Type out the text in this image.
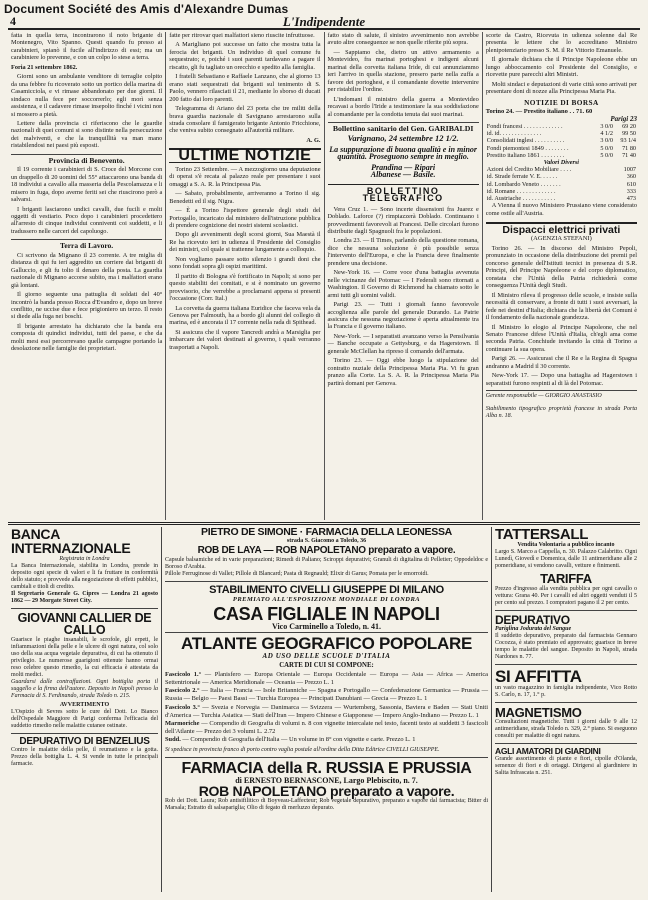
Document Société des Amis d'Alexandre Dumas
4	L'Indipendente

fatta in quella terra, incontrarono il noto brigante di Montenegro, Vito Spanno. Questi quando fu presso ai carabinieri, spianò il fucile all'indirizzo di essi; ma un carabiniere lo prevenne, e con un colpo lo stese a terra.

Foria 21 settembre 1862.

Giorni sono un ambulante venditore di terraglie colpito da una febbre fu ricoverato sotto un portico della marina di Casamicciola, e vi rimase abbandonato per due giorni. Il sindaco nulla fece per soccorrerlo; egli morì senza assistenza, e il cadavere rimase insepolto finché i vicini non si mossero a pietà.

Lettere dalla provincia ci riferiscono che le guardie nazionali di quei comuni si sono distinte nella persecuzione dei malviventi, e che la tranquillità va man mano ristabilendosi nei paesi più esposti.

Provincia di Benevento.

Il 19 corrente i carabinieri di S. Croce del Morcone con un drappello di 20 uomini del 55° attaccarono una banda di 18 individui a cavallo alla masseria della Pescolamazza e li misero in fuga, dopo averne feriti sei che riuscirono però a salvarsi.

I briganti lasciarono undici cavalli, due fucili e molti oggetti di vestiario. Poco dopo i carabinieri procedettero all'arresto di cinque individui conniventi coi suddetti, e li tradussero nelle carceri del capoluogo.

Terra di Lavoro.

Ci scrivono da Mignano il 23 corrente. A tre miglia di distanza di qui fu ieri aggredito un corriere dai briganti di Galluccio, e gli fu tolto il denaro della posta. La guardia nazionale di Mignano accorse subito, ma i malfattori erano già lontani.

Il giorno seguente una pattuglia di soldati del 40° incontrò la banda presso Rocca d'Evandro e, dopo un breve conflitto, ne uccise due e fece prigioniero un terzo. Il resto si diede alla fuga nei boschi.

Il brigante arrestato ha dichiarato che la banda era composta di quindici individui, tutti del paese, e che da molti mesi essi percorrevano quelle campagne portando la desolazione nelle famiglie dei proprietari.

fatte per ritrovar quei malfattori sieno riuscite infruttuose.

A Marigliano poi successe un fatto che mostra tutta la ferocia dei briganti. Un individuo di quel comune fu sequestrato; e, poiché i suoi parenti tardavano a pagare il riscatto, gli fu tagliato un orecchio e spedito alla famiglia.

I fratelli Sebastiano e Raffaele Lanzano, che al giorno 13 erano stati sequestrati dai briganti sul tenimento di S. Paolo, vennero rilasciati il 21, mediante lo sborso di ducati 200 fatto dai loro parenti.

Telegramma di Ariano del 23 porta che tre militi della brava guardia nazionale di Savignano arrestarono sulla strada consolare il famigerato brigante Antonio Fricchione, che veniva subito consegnato all'autorità militare.

A. G.
ULTIME NOTIZIE

Torino 23 Settembre. — A mezzogiorno una deputazione di operai s'è recata al palazzo reale per presentare i suoi omaggi a S. A. R. la Principessa Pia.

— Sabato, probabilmente, arriveranno a Torino il sig. Benedetti ed il sig. Nigra.

— È a Torino l'ispettore generale degli studi del Portogallo, incaricato dal ministero dell'istruzione pubblica di prendere cognizione dei nostri sistemi scolastici.

Dopo gli avvenimenti degli scorsi giorni, Sua Maestà il Re ha ricevuto ieri in udienza il Presidente del Consiglio dei ministri, col quale si trattenne lungamente a colloquio.

Non vogliamo passare sotto silenzio i grandi doni che sono fondati sopra gli ospizi marittimi.

Il partito di Bologna s'è fortificato in Napoli; si sono per questo stabiliti dei comitati, e si è nominato un governo provvisorio, che verrebbe a proclamarsi appena si presenti l'occasione (Corr. Ital.)

La corvetta da guerra italiana Euridice che faceva vela da Genova per Falmouth, ha a bordo gli alunni del collegio di marina, ed è ancorata il 17 corrente nella rada di Spithead.

Si assicura che il vapore Tancredi andrà a Marsiglia per imbarcare dei valori destinati al governo, i quali verranno trasportati a Napoli.

fatto stato di salute, il sinistro avvenimento non avrebbe avuto altre conseguenze se non quelle riferite più sopra.

— Sappiamo che, dietro un attivo armamento a Montevideo, fra marinai portoghesi e indigeni alcuni marinai della corvetta italiana Iride, di cui annunziammo ieri l'arrivo in quella stazione, presero parte nella zuffa a favore dei portoghesi, e il comandante dovette intervenire per ristabilire l'ordine.

L'indomani il ministro della guerra a Montevideo recavasi a bordo l'Iride a testimoniare la sua soddisfazione al comandante per la condotta tenuta dai suoi marinai.

Bollettino sanitario del Gen. GARIBALDI
Varignano, 24 settembre 12 1/2.
La suppurazione di buona qualità e in minor quantità. Proseguono sempre in meglio.
Prandina — Ripari
Albanese — Basile.
BOLLETTINO TELEGRAFICO

Vera Cruz 1. — Sono incerte dissensioni fra Juarez e Doblado. Laforce (?) rimpiazzerà Doblado. Continuano i provvedimenti favorevoli ai Francesi. Delle circolari furono distribuite dagli Spagnuoli fra le popolazioni.

Londra 23. — Il Times, parlando della questione romana, dice che nessuna soluzione è più possibile senza l'intervento dell'Europa, e che la Francia deve finalmente prendere una decisione.

New-York 16. — Corre voce d'una battaglia avvenuta nelle vicinanze del Potomac — I Federali sono ritornati a Washington. Il Governo di Richmond ha chiamato sotto le armi tutti gli uomini validi.

Parigi 23. — Tutti i giornali fanno favorevole accoglienza alle parole del generale Durando. La Patrie assicura che nessuna negoziazione è aperta attualmente tra la Francia e il governo italiano.

New-York. — I separatisti avanzano verso la Pensilvania — Banche occupate a Gettysburg, e da Hagerstown. Il generale McClellan ha ripreso il comando dell'armata.

Torino 23. — Oggi ebbe luogo la stipulazione del contratto nuziale della Principessa Maria Pia. Vi fu gran pranzo alla Corte. La S. A. R. la Principessa Maria Pia partirà domani per Genova.

scorte da Castro, Ricevuta in udienza solenne dal Re presenta le lettere che lo accreditano Ministro plenipotenziario presso S. M. il Re Vittorio Emanuele.

Il giornale dichiara che il Principe Napoleone ebbe un lungo abboccamento col Presidente del Consiglio, e ricevette pure parecchi altri Ministri.

Molti sindaci e deputazioni di varie città sono arrivati per presentare doni di nozze alla Principessa Maria Pia.

NOTIZIE DI BORSA
Torino 24. — Prestito italiano . . 71. 60
Parigi 23
Fondi francesi . . . . . . . . . . . . .	3 0/0	69 20
id. id. . . . . . . . . . . . . .	4 1/2	99 50
Consolidati inglesi . . . . . . . . . .	3 0/0	93 1/4
Fondi piemontesi 1849 . . . . . . . .	5 0/0	71 80
Prestito italiano 1861 . . . . . . . .	5 0/0	71 40
Valori Diversi		
Azioni del Credito Mobiliare . . . .		1007
id. Strade ferrate V. E. . . . . .		360
id. Lombardo Veneto . . . . . . .		610
id. Romane . . . . . . . . . . . . .		333
id. Austriache . . . . . . . . . . .		473

A Vienna il nuovo Ministero Prussiano viene considerato come ostile all'Austria.

Dispacci elettrici privati
(AGENZIA STEFANI)

Torino 26. — In discorso del Ministro Pepoli, pronunziato in occasione della distribuzione dei premii pel concorso generale dell'Istituti tecnici in presenza di S.R. Principi, del Principe Napoleone e del corpo diplomatico, constata che l'Unità della Patria richiederà come conseguenza l'Unità degli Studi.

Il Ministro rileva il progresso delle scuole, e insiste sulla necessità di conservare, a fronte di tutti i suoi avversari, la fede nei destini d'Italia; dichiara che la libertà dei Comuni è il fondamento della nazionale grandezza.

Il Ministro lo elogio al Principe Napoleone, che nel Senato Francese difese l'Unità d'Italia, ch'egli ama come seconda Patria. Conchiude invitando la città di Torino a continuare la sua opera.

Parigi 26. — Assicurasi che il Re e la Regina di Spagna andranno a Madrid il 30 corrente.

New-York 17. — Dopo una battaglia ad Hagerstown i separatisti furono respinti al di là del Potomac.

Gerente responsabile — GIORGIO ANASTASIO
Stabilimento tipografico proprietà francese in strada Porta Alba n. 18.
BANCA INTERNAZIONALE
Registrata in Londra
La Banca Internazionale, stabilita in Londra, prende in deposito ogni specie di valori e li fa fruttare in conformità dello statuto; e provvede alla negoziazione di effetti pubblici, cambiali e titoli di credito.
Il Segretario Generale G. Cipres — Londra 21 agosto 1862 — 29 Morgate Street City.
GIOVANNI CALLIER DE CALLO
Guarisce le piaghe insanabili, le scrofole, gli erpeti, le infiammazioni della pelle e le ulcere di ogni natura, col solo uso della sua acqua vegetale depurativa, di cui ha ottenuto il privilegio. Le numerose guarigioni ottenute hanno ormai reso celebre questo rimedio, la cui efficacia è attestata da molti medici.
Guardarsi dalle contraffazioni. Ogni bottiglia porta il suggello e la firma dell'autore. Deposito in Napoli presso la Farmacia di S. Ferdinando, strada Toledo n. 215.
AVVERTIMENTO
L'Ospizio di Sevres sotto le cure del Dott. Lo Bianco dell'Ospedale Maggiore di Parigi conferma l'efficacia del suddetto rimedio nelle malattie cutanee ostinate.
DEPURATIVO DI BENZELIUS
Contro le malattie della pelle, il reumatismo e la gotta. Prezzo della bottiglia L. 4. Si vende in tutte le principali farmacie.
PIETRO DE SIMONE · FARMACIA DELLA LEONESSA
strada S. Giacomo a Toledo, 36
ROB DE LAYA — ROB NAPOLETANO preparato a vapore.
Capsule balsamiche ed in varie preparazioni; Rimedi di Paliano; Sciroppi depurativi; Granuli di digitalina di Pelletier; Oppodeldoc e Boroso d'Arabia.
Pillole Ferruginose di Vallet; Pillole di Blancard; Pasta di Regnauld; Elixir di Garus; Pomata per le emorroidi.
STABILIMENTO CIVELLI GIUSEPPE DI MILANO
PREMIATO ALL'ESPOSIZIONE MONDIALE DI LONDRA
CASA FIGLIALE IN NAPOLI
Vico Carminello a Toledo, n. 41.
ATLANTE GEOGRAFICO POPOLARE
AD USO DELLE SCUOLE D'ITALIA
CARTE DI CUI SI COMPONE:
Fascicolo 1.° — Planisfero — Europa Orientale — Europa Occidentale — Europa — Asia — Africa — America Settentrionale — America Meridionale — Oceania — Prezzo L. 1
Fascicolo 2.° — Italia — Francia — Isole Britanniche — Spagna e Portogallo — Confederazione Germanica — Prussia — Russia — Belgio — Paesi Bassi — Turchia Europea — Principati Danubiani — Grecia — Prezzo L. 1
Fascicolo 3.° — Svezia e Norvegia — Danimarca — Svizzera — Wurtemberg, Sassonia, Baviera e Baden — Stati Uniti d'America — Turchia Asiatica — Stati dell'Iran — Impero Chinese e Giapponese — Impero Anglo-Indiano — Prezzo L. 1
Marmoriche — Compendio di Geografia di volumi n. 8 con vignette intercalate nel testo, facenti testo ai suddetti 3 fascicoli dell'Atlante — Prezzo dei 3 volumi L. 2.72
Sudd. — Compendio di Geografia dell'Italia — Un volume in 8° con vignette e carte. Prezzo L. 1
Si spedisce in provincia franco di porto contro vaglia postale all'ordine della Ditta Editrice CIVELLI GIUSEPPE.
FARMACIA della R. RUSSIA E PRUSSIA
di ERNESTO BERNASCONE, Largo Plebiscito, n. 7.
ROB NAPOLETANO preparato a vapore.
Rob dei Dott. Laura; Rob antisifilitico di Boyveau-Laffecteur; Rob vegetale depurativo, preparato a vapore dal farmacista; Bitter di Marsala; Estratto di salsapariglia; Olio di fegato di merluzzo depurato.
TATTERSALL
Vendita Volontaria a pubblico incanto
Largo S. Marco a Cappella, n. 30. Palazzo Calabritto. Ogni Lunedì, Giovedì e Domenica, dalle 11 antimeridiane alle 2 pomeridiane, si vendono cavalli, vetture e finimenti.
TARIFFA
Prezzo d'ingresso alla vendita pubblica per ogni cavallo o vettura: Grana 40. Per i cavalli ed altri oggetti venduti il 5 per cento sul prezzo. I compratori pagano il 2 per cento.
DEPURATIVO
Pariglina Jodurata del Sangue
Il suddetto depurativo, preparato dal farmacista Gennaro Cocozza, è stato premiato ed approvato; guarisce in breve tempo le malattie del sangue. Deposito in Napoli, strada Nardones n. 77.
SI AFFITTA
un vasto magazzino in famiglia indipendente, Vico Rotto S. Carlo, n. 17, 1.° p.
MAGNETISMO
Consultazioni magnetiche. Tutti i giorni dalle 9 alle 12 antimeridiane, strada Toledo n. 329, 2.° piano. Si eseguono consulti per malattie di ogni natura.
AGLI AMATORI DI GIARDINI
Grande assortimento di piante e fiori, cipolle d'Olanda, semenze di fiori e di ortaggi. Dirigersi al giardiniere in Salita Infrascata n. 251.
